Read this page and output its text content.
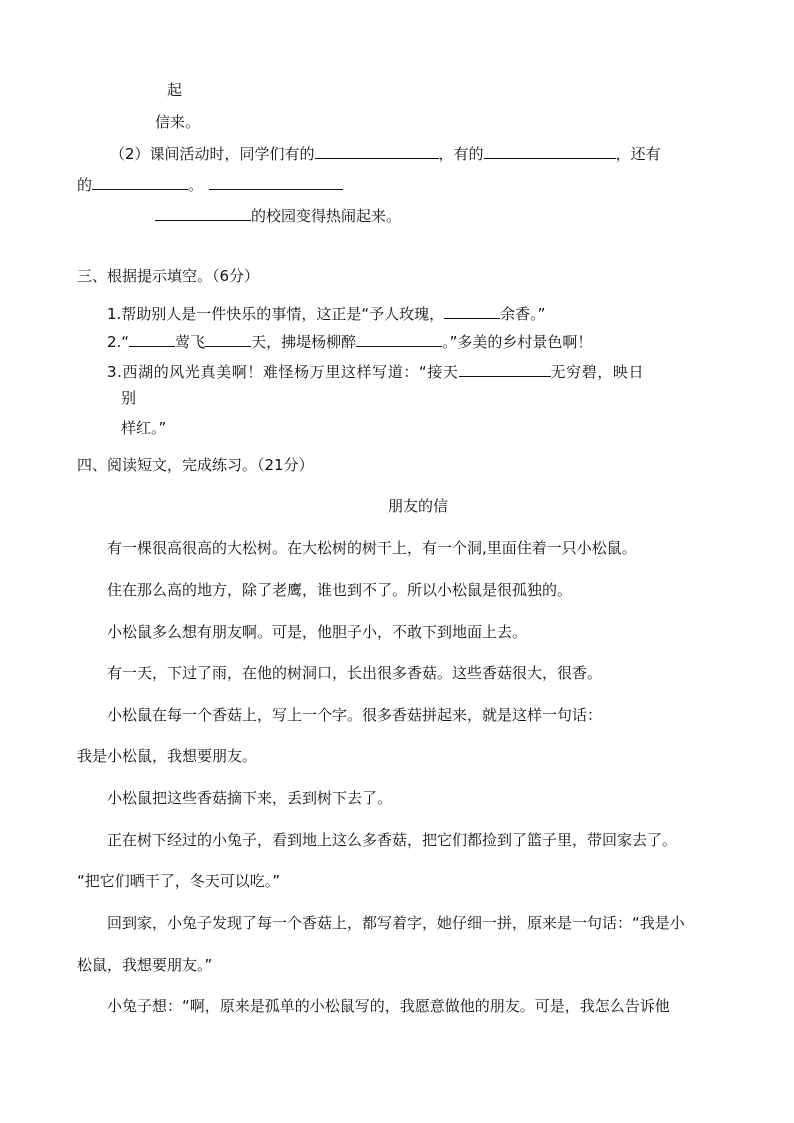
起
信来。
（2）课间活动时，同学们有的	，有的	，还有
的	。
的校园变得热闹起来。
三、根据提示填空。（6分）
1.帮助别人是一件快乐的事情，这正是“予人玫瑰，	余香。”
2.“	莺飞	天，拂堤杨柳醉	。”多美的乡村景色啊！
3.西湖的风光真美啊！难怪杨万里这样写道：“接天	无穷碧，映日
别
样红。”
四、阅读短文，完成练习。（21分）
朋友的信
有一棵很高很高的大松树。在大松树的树干上，有一个洞,里面住着一只小松鼠。
住在那么高的地方，除了老鹰，谁也到不了。所以小松鼠是很孤独的。
小松鼠多么想有朋友啊。可是，他胆子小，不敢下到地面上去。
有一天，下过了雨，在他的树洞口，长出很多香菇。这些香菇很大，很香。
小松鼠在每一个香菇上，写上一个字。很多香菇拼起来，就是这样一句话：
我是小松鼠，我想要朋友。
小松鼠把这些香菇摘下来，丢到树下去了。
正在树下经过的小兔子，看到地上这么多香菇，把它们都捡到了篮子里，带回家去了。
“把它们晒干了，冬天可以吃。”
回到家，小兔子发现了每一个香菇上，都写着字，她仔细一拼，原来是一句话：“我是小
松鼠，我想要朋友。”
小兔子想：“啊，原来是孤单的小松鼠写的，我愿意做他的朋友。可是，我怎么告诉他
